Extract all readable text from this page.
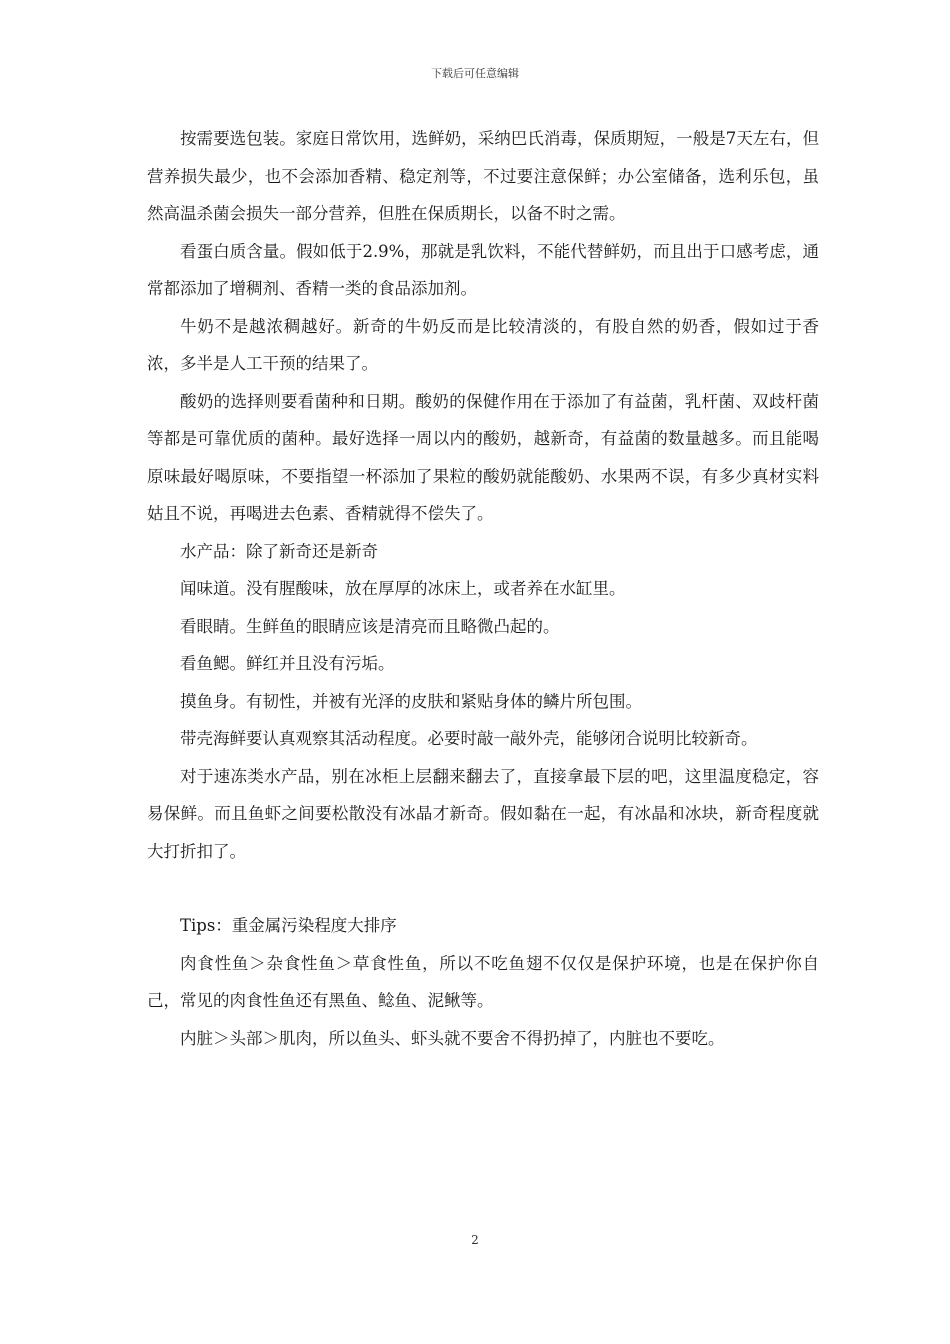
下载后可任意编辑

按需要选包装。家庭日常饮用，选鲜奶，采纳巴氏消毒，保质期短，一般是7天左右，但营养损失最少，也不会添加香精、稳定剂等，不过要注意保鲜；办公室储备，选利乐包，虽然高温杀菌会损失一部分营养，但胜在保质期长，以备不时之需。

看蛋白质含量。假如低于2.9%，那就是乳饮料，不能代替鲜奶，而且出于口感考虑，通常都添加了增稠剂、香精一类的食品添加剂。

牛奶不是越浓稠越好。新奇的牛奶反而是比较清淡的，有股自然的奶香，假如过于香浓，多半是人工干预的结果了。

酸奶的选择则要看菌种和日期。酸奶的保健作用在于添加了有益菌，乳杆菌、双歧杆菌等都是可靠优质的菌种。最好选择一周以内的酸奶，越新奇，有益菌的数量越多。而且能喝原味最好喝原味，不要指望一杯添加了果粒的酸奶就能酸奶、水果两不误，有多少真材实料姑且不说，再喝进去色素、香精就得不偿失了。

水产品：除了新奇还是新奇

闻味道。没有腥酸味，放在厚厚的冰床上，或者养在水缸里。

看眼睛。生鲜鱼的眼睛应该是清亮而且略微凸起的。

看鱼鳃。鲜红并且没有污垢。

摸鱼身。有韧性，并被有光泽的皮肤和紧贴身体的鳞片所包围。

带壳海鲜要认真观察其活动程度。必要时敲一敲外壳，能够闭合说明比较新奇。

对于速冻类水产品，别在冰柜上层翻来翻去了，直接拿最下层的吧，这里温度稳定，容易保鲜。而且鱼虾之间要松散没有冰晶才新奇。假如黏在一起，有冰晶和冰块，新奇程度就大打折扣了。

Tips：重金属污染程度大排序

肉食性鱼＞杂食性鱼＞草食性鱼，所以不吃鱼翅不仅仅是保护环境，也是在保护你自己，常见的肉食性鱼还有黑鱼、鲶鱼、泥鳅等。

内脏＞头部＞肌肉，所以鱼头、虾头就不要舍不得扔掉了，内脏也不要吃。

2
